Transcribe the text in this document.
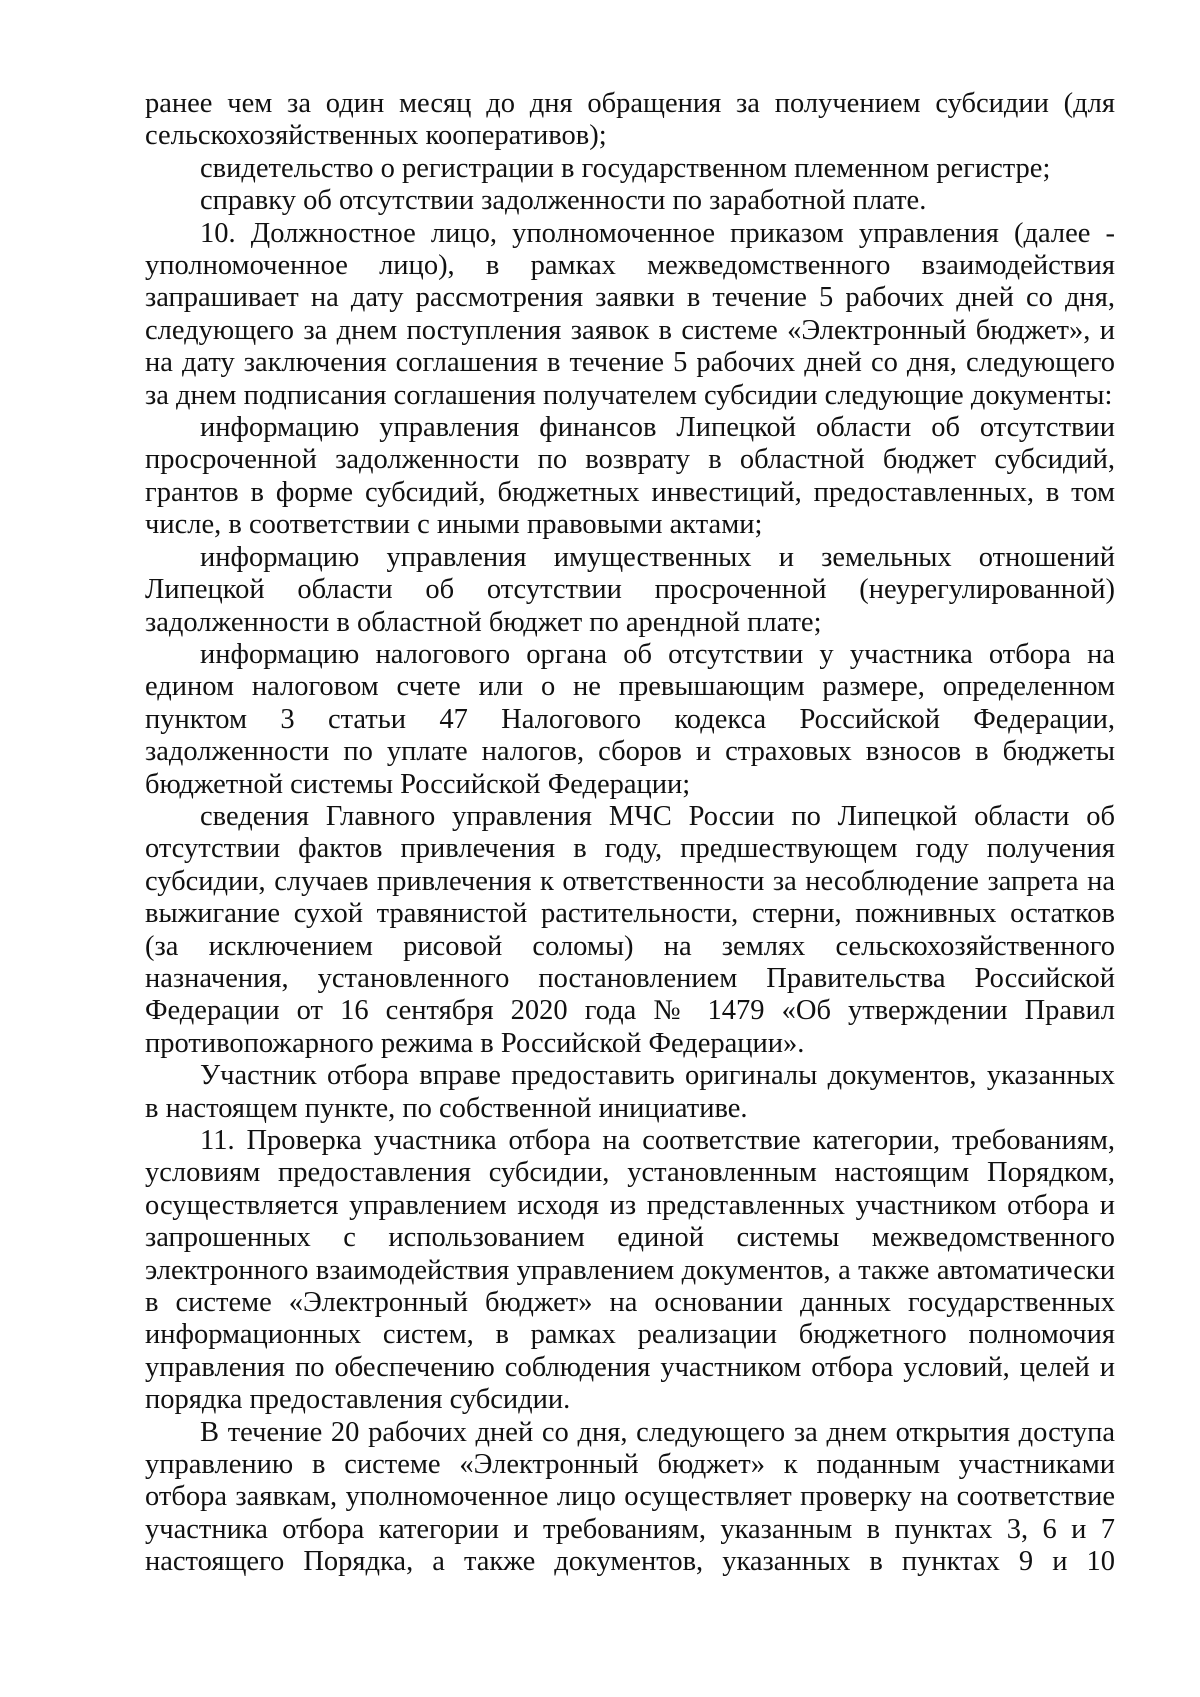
ранее чем за один месяц до дня обращения за получением субсидии (для сельскохозяйственных кооперативов);

свидетельство о регистрации в государственном племенном регистре;

справку об отсутствии задолженности по заработной плате.

10. Должностное лицо, уполномоченное приказом управления (далее - уполномоченное лицо), в рамках межведомственного взаимодействия запрашивает на дату рассмотрения заявки в течение 5 рабочих дней со дня, следующего за днем поступления заявок в системе «Электронный бюджет», и на дату заключения соглашения в течение 5 рабочих дней со дня, следующего за днем подписания соглашения получателем субсидии следующие документы:

информацию управления финансов Липецкой области об отсутствии просроченной задолженности по возврату в областной бюджет субсидий, грантов в форме субсидий, бюджетных инвестиций, предоставленных, в том числе, в соответствии с иными правовыми актами;

информацию управления имущественных и земельных отношений Липецкой области об отсутствии просроченной (неурегулированной) задолженности в областной бюджет по арендной плате;

информацию налогового органа об отсутствии у участника отбора на едином налоговом счете или о не превышающим размере, определенном пунктом 3 статьи 47 Налогового кодекса Российской Федерации, задолженности по уплате налогов, сборов и страховых взносов в бюджеты бюджетной системы Российской Федерации;

сведения Главного управления МЧС России по Липецкой области об отсутствии фактов привлечения в году, предшествующем году получения субсидии, случаев привлечения к ответственности за несоблюдение запрета на выжигание сухой травянистой растительности, стерни, пожнивных остатков (за исключением рисовой соломы) на землях сельскохозяйственного назначения, установленного постановлением Правительства Российской Федерации от 16 сентября 2020 года № 1479 «Об утверждении Правил противопожарного режима в Российской Федерации».

Участник отбора вправе предоставить оригиналы документов, указанных в настоящем пункте, по собственной инициативе.

11. Проверка участника отбора на соответствие категории, требованиям, условиям предоставления субсидии, установленным настоящим Порядком, осуществляется управлением исходя из представленных участником отбора и запрошенных с использованием единой системы межведомственного электронного взаимодействия управлением документов, а также автоматически в системе «Электронный бюджет» на основании данных государственных информационных систем, в рамках реализации бюджетного полномочия управления по обеспечению соблюдения участником отбора условий, целей и порядка предоставления субсидии.

В течение 20 рабочих дней со дня, следующего за днем открытия доступа управлению в системе «Электронный бюджет» к поданным участниками отбора заявкам, уполномоченное лицо осуществляет проверку на соответствие участника отбора категории и требованиям, указанным в пунктах 3, 6 и 7 настоящего Порядка, а также документов, указанных в пунктах 9 и 10
